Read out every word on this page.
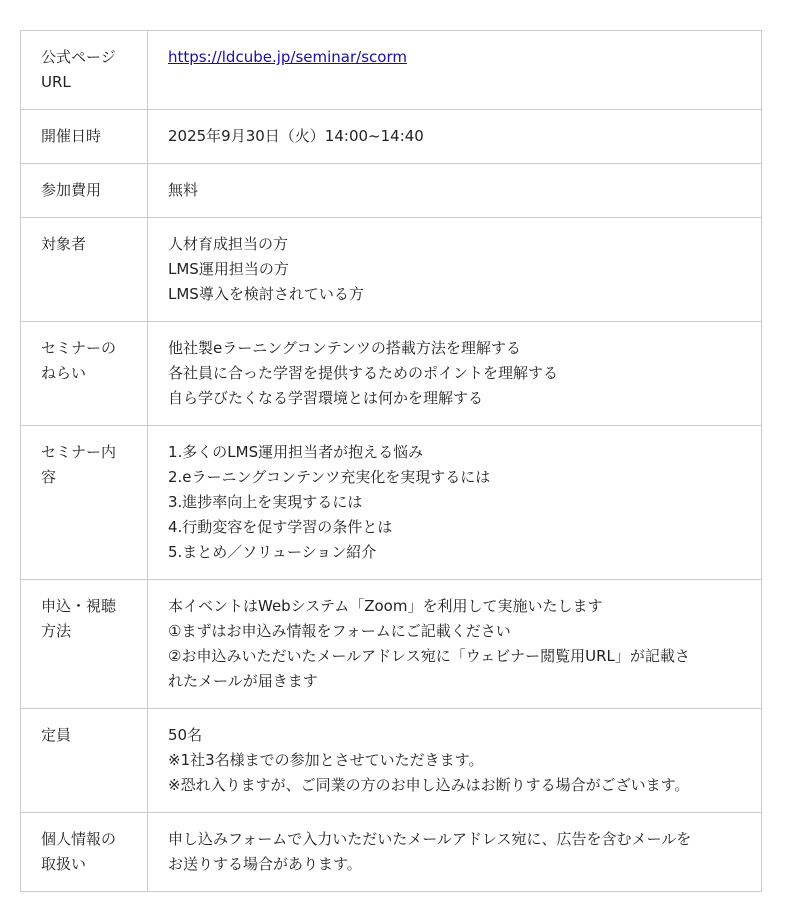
公式ページ
URL	https://ldcube.jp/seminar/scorm

開催日時	2025年9月30日（火）14:00~14:40

参加費用	無料

対象者	人材育成担当の方
LMS運用担当の方
LMS導入を検討されている方

セミナーの
ねらい	他社製eラーニングコンテンツの搭載方法を理解する
各社員に合った学習を提供するためのポイントを理解する
自ら学びたくなる学習環境とは何かを理解する

セミナー内
容	1.多くのLMS運用担当者が抱える悩み
2.eラーニングコンテンツ充実化を実現するには
3.進捗率向上を実現するには
4.行動変容を促す学習の条件とは
5.まとめ／ソリューション紹介

申込・視聴
方法	本イベントはWebシステム「Zoom」を利用して実施いたします
①まずはお申込み情報をフォームにご記載ください
②お申込みいただいたメールアドレス宛に「ウェビナー閲覧用URL」が記載さ
れたメールが届きます

定員	50名
※1社3名様までの参加とさせていただきます。
※恐れ入りますが、ご同業の方のお申し込みはお断りする場合がございます。

個人情報の
取扱い	申し込みフォームで入力いただいたメールアドレス宛に、広告を含むメールを
お送りする場合があります。
